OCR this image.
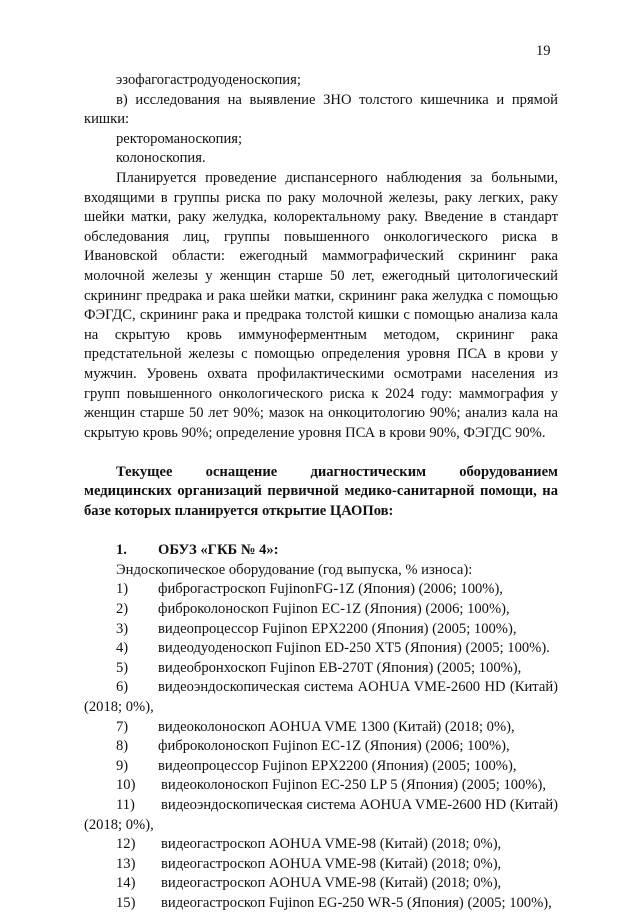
19
эзофагогастродуоденоскопия;
в) исследования на выявление ЗНО толстого кишечника и прямой
кишки:
ректороманоскопия;
колоноскопия.
Планируется проведение диспансерного наблюдения за больными,
входящими в группы риска по раку молочной железы, раку легких, раку
шейки матки, раку желудка, колоректальному раку. Введение в стандарт
обследования лиц, группы повышенного онкологического риска в
Ивановской области: ежегодный маммографический скрининг рака
молочной железы у женщин старше 50 лет, ежегодный цитологический
скрининг предрака и рака шейки матки, скрининг рака желудка с помощью
ФЭГДС, скрининг рака и предрака толстой кишки с помощью анализа кала
на скрытую кровь иммуноферментным методом, скрининг рака
предстательной железы с помощью определения уровня ПСА в крови у
мужчин. Уровень охвата профилактическими осмотрами населения из
групп повышенного онкологического риска к 2024 году: маммография у
женщин старше 50 лет 90%; мазок на онкоцитологию 90%; анализ кала на
скрытую кровь 90%; определение уровня ПСА в крови 90%, ФЭГДС 90%.
Текущее оснащение диагностическим оборудованием
медицинских организаций первичной медико-санитарной помощи, на
базе которых планируется открытие ЦАОПов:
1. ОБУЗ «ГКБ № 4»:
Эндоскопическое оборудование (год выпуска, % износа):
1) фиброгастроскоп FujinonFG-1Z (Япония) (2006; 100%),
2) фиброколоноскоп Fujinon EC-1Z (Япония) (2006; 100%),
3) видеопроцессор Fujinon EPX2200 (Япония) (2005; 100%),
4) видеодуоденоскоп Fujinon ED-250 XT5 (Япония) (2005; 100%).
5) видеобронхоскоп Fujinon EB-270T (Япония) (2005; 100%),
6) видеоэндоскопическая система AOHUA VME-2600 HD (Китай)
(2018; 0%),
7) видеоколоноскоп AOHUA VME 1300 (Китай) (2018; 0%),
8) фиброколоноскоп Fujinon EC-1Z (Япония) (2006; 100%),
9) видеопроцессор Fujinon EPX2200 (Япония) (2005; 100%),
10) видеоколоноскоп Fujinon EC-250 LP 5 (Япония) (2005; 100%),
11) видеоэндоскопическая система AOHUA VME-2600 HD (Китай)
(2018; 0%),
12) видеогастроскоп AOHUA VME-98 (Китай) (2018; 0%),
13) видеогастроскоп AOHUA VME-98 (Китай) (2018; 0%),
14) видеогастроскоп AOHUA VME-98 (Китай) (2018; 0%),
15) видеогастроскоп Fujinon EG-250 WR-5 (Япония) (2005; 100%),
